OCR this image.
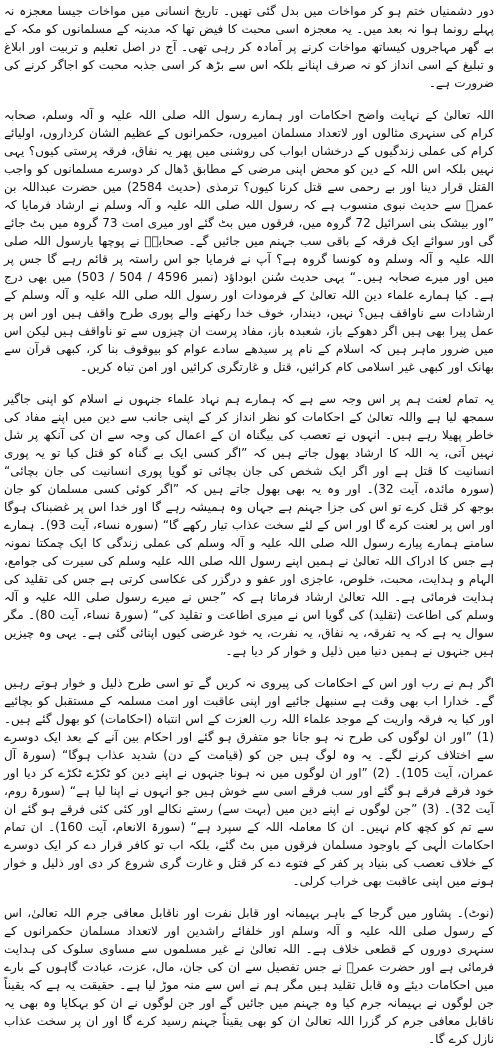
دور دشمنیاں ختم ہو کر مواخات میں بدل گئی تھیں۔ تاریخ انسانی میں مواخات جیسا معجزہ نہ پہلے رونما ہوا نہ بعد میں۔ یہ معجزہ اسی محبت کا فیض تھا کہ مدینہ کے مسلمانوں کو مکہ کے بے گھر مہاجروں کیساتھ مواخات کرنے پر آمادہ کر رہی تھی۔ آج در اصل تعلیم و تربیت اور ابلاغ و تبلیغ کے اسی انداز کو نہ صرف اپنانے بلکہ اس سے بڑھ کر اسی جذبہ محبت کو اجاگر کرنے کی ضرورت ہے۔

اللہ تعالیٰ کے نہایت واضح احکامات اور ہمارے رسول اللہ صلی اللہ علیہ و آلہ وسلم، صحابہ کرام کی سنہری مثالوں اور لاتعداد مسلمان امیروں، حکمرانوں کے عظیم الشان کرداروں، اولیائے کرام کی عملی زندگیوں کے درخشاں ابواب کی روشنی میں پھر یہ نفاق، فرقہ پرستی کیوں؟ یہی نہیں بلکہ اس اللہ کے دین کو محض اپنی مرضی کے مطابق ڈھال کر دوسرے مسلمانوں کو واجب القتل قرار دینا اور بے رحمی سے قتل کرنا کیوں؟ ترمذی (حدیث 2584) میں حضرت عبداللہ بن عمرؓ سے حدیث نبوی منسوب ہے کہ رسول اللہ صلی اللہ علیہ و آلہ وسلم نے ارشاد فرمایا کہ ”اور بیشک بنی اسرائیل 72 گروہ میں، فرقوں میں بٹ گئے اور میری امت 73 گروہ میں بٹ جائے گی اور سوائے ایک فرقہ کے باقی سب جہنم میں جائیں گے۔ صحابہؓ نے پوچھا یارسول اللہ صلی اللہ علیہ و آلہ وسلم وہ کونسا گروہ ہے؟ آپ نے فرمایا جو اس راستہ پر قائم رہے گا جس پر میں اور میرے صحابہ ہیں۔“ یہی حدیث سُنن ابوداؤد (نمبر 4596 / 504 / 503) میں بھی درج ہے۔ کیا ہمارے علماء دین اللہ تعالیٰ کے فرمودات اور رسول اللہ صلی اللہ علیہ و آلہ وسلم کے ارشادات سے ناواقف ہیں؟ نہیں، دیندار، خوف خدا رکھنے والے پوری طرح واقف ہیں اور اس پر عمل پیرا بھی ہیں اگر دھوکے باز، شعبدہ باز، مفاد پرست ان چیزوں سے تو ناواقف ہیں لیکن اس میں ضرور ماہر ہیں کہ اسلام کے نام پر سیدھے سادے عوام کو بیوقوف بنا کر، کبھی قرآن سے بھانک اور کبھی غیر اسلامی کام کرائیں، قتل و غارتگری کرائیں اور امن تباہ کریں۔

یہ تمام لعنت ہم پر اس وجہ سے ہے کہ ہمارے ہم نہاد علماء جنہوں نے اسلام کو اپنی جاگیر سمجھ لیا ہے واللہ تعالیٰ کے احکامات کو نظر انداز کر کے اپنی جانب سے دین میں اپنے مفاد کی خاطر پھیلا رہے ہیں۔ انہوں نے تعصب کی بیگناہ ان کے اعمال کی وجہ سے ان کی آنکھ پر شل نہیں آتی، یہ اللہ کا ارشاد بھول جاتے ہیں کہ ”اگر کسی ایک بے گناہ کو قتل کیا تو یہ پوری انسانیت کا قتل ہے اور اگر ایک شخص کی جان بچائی تو گویا پوری انسانیت کی جان بچائی“ (سورہ مائدہ، آیت 32)۔ اور وہ یہ بھی بھول جاتے ہیں کہ ”اگر کوئی کسی مسلمان کو جان بوجھ کر قتل کرے تو اس کی جزا جہنم ہے جہاں وہ ہمیشہ رہے گا اور خدا اس پر غضبناک ہوگا اور اس پر لعنت کرے گا اور اس کے لئے سخت عذاب تیار رکھے گا“ (سورہ نساء، آیت 93)۔ ہمارے سامنے ہمارے پیارے رسول اللہ صلی اللہ علیہ و آلہ وسلم کی عملی زندگی کا ایک چمکتا نمونہ ہے جس کا ادراک اللہ تعالیٰ نے ہمیں اپنے رسول اللہ صلی اللہ علیہ وسلم کی سیرت کی جوامع، الہام و ہدایت، محبت، خلوص، عاجزی اور عفو و درگزر کی عکاسی کرتی ہے جس کی تقلید کی ہدایت فرمائی ہے۔ اللہ تعالیٰ ارشاد فرماتا ہے کہ ”جس نے میرے رسول صلی اللہ علیہ و آلہ وسلم کی اطاعت (تقلید) کی گویا اس نے میری اطاعت و تقلید کی“ (سورۃ نساء، آیت 80)۔ مگر سوال یہ ہے کہ یہ تفرقہ، یہ نفاق، یہ نفرت، یہ خود غرضی کیوں اپنائی گئی ہے۔ یہی وہ چیزیں ہیں جنہوں نے ہمیں دنیا میں ذلیل و خوار کر دیا ہے۔

اگر ہم نے رب اور اس کے احکامات کی پیروی نہ کریں گے تو اسی طرح ذلیل و خوار ہوتے رہیں گے۔ خدارا اب بھی وقت ہے سنبھل جائیے اور اپنی عاقبت اور امت مسلمہ کے مستقبل کو بچائیے اور کیا یہ فرقہ واریت کے موجد علماء اللہ رب العزت کے اس انتباہ (احکامات) کو بھول گئے ہیں۔ (1) ”اور ان لوگوں کی طرح نہ ہو جانا جو متفرق ہو گئے اور احکام بین آنے کے بعد ایک دوسرے سے اختلاف کرنے لگے۔ یہ وہ لوگ ہیں جن کو (قیامت کے دن) شدید عذاب ہوگا“ (سورۃ آل عمران، آیت 105)۔ (2) ”اور ان لوگوں میں نہ ہونا جنہوں نے اپنے دین کو ٹکڑے ٹکڑے کر دیا اور خود فرقے فرقے ہو گئے اور سب فرقے اسی سے خوش ہیں جو انہوں نے اپنا لیا ہے“ (سورۃ روم، آیت 32)۔ (3) ”جن لوگوں نے اپنے دین میں (بہت سے) رستے نکالے اور کئی کئی فرقے ہو گئے ان سے تم کو کچھ کام نہیں۔ ان کا معاملہ اللہ کے سپرد ہے“ (سورۃ الانعام، آیت 160)۔ ان تمام احکامات الٰہی کے باوجود مسلمان فرقوں میں بٹ گئے، بلکہ اب تو کافر قرار دے کر ایک دوسرے کے خلاف تعصب کی بنیاد پر کفر کے فتوے دے کر قتل و غارت گری شروع کر دی اور ذلیل و خوار ہونے میں اپنی عاقبت بھی خراب کرلی۔

(نوٹ)۔ پشاور میں گرجا کے باہر بہیمانہ اور قابل نفرت اور ناقابل معافی جرم اللہ تعالیٰ، اس کے رسول صلی اللہ علیہ و آلہ وسلم اور خلفائے راشدین اور لاتعداد مسلمان حکمرانوں کے سنہری دوروں کے قطعی خلاف ہے۔ اللہ تعالیٰ نے غیر مسلموں سے مساوی سلوک کی ہدایت فرمائی ہے اور حضرت عمرؓ نے جس تفصیل سے ان کی جان، مال، عزت، عبادت گاہوں کے بارے میں احکامات دیئے وہ قابل تقلید ہیں مگر ہم نے اس سے منہ موڑ لیا ہے۔ حقیقت یہ ہے کہ یقیناً جن لوگوں نے بہیمانہ جرم کیا وہ جہنم میں جائیں گے اور جن لوگوں نے ان کو بہکایا وہ بھی یہ ناقابل معافی جرم کر گزرا اللہ تعالیٰ ان کو بھی یقیناً جہنم رسید کرے گا اور ان پر سخت عذاب نازل کرے گا۔
